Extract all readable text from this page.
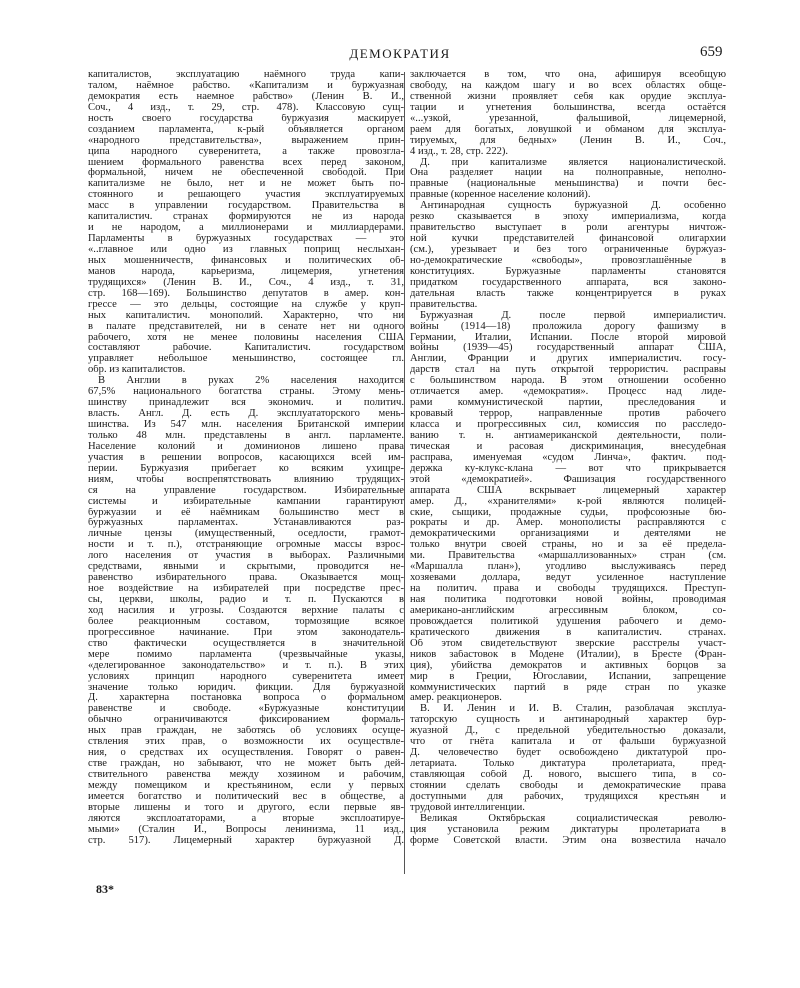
ДЕМОКРАТИЯ	659
капиталистов, эксплуатацию наёмного труда капи-
талом, наёмное рабство. «Капитализм и буржуазная
демократия есть наемное рабство» (Ленин В. И.,
Соч., 4 изд., т. 29, стр. 478). Классовую сущ-
ность своего государства буржуазия маскирует
созданием парламента, к-рый объявляется органом
«народного представительства», выражением прин-
ципа народного суверенитета, а также провозгла-
шением формального равенства всех перед законом,
формальной, ничем не обеспеченной свободой. При
капитализме не было, нет и не может быть по-
стоянного и решающего участия эксплуатируемых
масс в управлении государством. Правительства в
капиталистич. странах формируются не из народа
и не народом, а миллионерами и миллиардерами.
Парламенты в буржуазных государствах — это
«..главное или одно из главных поприщ неслыхан-
ных мошенничеств, финансовых и политических об-
манов народа, карьеризма, лицемерия, угнетения
трудящихся» (Ленин В. И., Соч., 4 изд., т. 31,
стр. 168—169). Большинство депутатов в амер. кон-
грессе — это дельцы, состоящие на службе у круп-
ных капиталистич. монополий. Характерно, что ни
в палате представителей, ни в сенате нет ни одного
рабочего, хотя не менее половины населения США
составляют рабочие. Капиталистич. государством
управляет небольшое меньшинство, состоящее гл.
обр. из капиталистов.
В Англии в руках 2% населения находится
67,5% национального богатства страны. Этому мень-
шинству принадлежит вся экономич. и политич.
власть. Англ. Д. есть Д. эксплуататорского мень-
шинства. Из 547 млн. населения Британской империи
только 48 млн. представлены в англ. парламенте.
Население колоний и доминионов лишено права
участия в решении вопросов, касающихся всей им-
перии. Буржуазия прибегает ко всяким ухищре-
ниям, чтобы воспрепятствовать влиянию трудящих-
ся на управление государством. Избирательные
системы и избирательные кампании гарантируют
буржуазии и её наёмникам большинство мест в
буржуазных парламентах. Устанавливаются раз-
личные цензы (имущественный, оседлости, грамот-
ности и т. п.), отстраняющие огромные массы взрос-
лого населения от участия в выборах. Различными
средствами, явными и скрытыми, проводится не-
равенство избирательного права. Оказывается мощ-
ное воздействие на избирателей при посредстве прес-
сы, церкви, школы, радио и т. п. Пускаются в
ход насилия и угрозы. Создаются верхние палаты с
более реакционным составом, тормозящие всякое
прогрессивное начинание. При этом законодатель-
ство фактически осуществляется в значительной
мере помимо парламента (чрезвычайные указы,
«делегированное законодательство» и т. п.). В этих
условиях принцип народного суверенитета имеет
значение только юридич. фикции. Для буржуазной
Д. характерна постановка вопроса о формальном
равенстве и свободе. «Буржуазные конституции
обычно ограничиваются фиксированием формаль-
ных прав граждан, не заботясь об условиях осуще-
ствления этих прав, о возможности их осуществле-
ния, о средствах их осуществления. Говорят о равен-
стве граждан, но забывают, что не может быть дей-
ствительного равенства между хозяином и рабочим,
между помещиком и крестьянином, если у первых
имеется богатство и политический вес в обществе, а
вторые лишены и того и другого, если первые яв-
ляются эксплоататорами, а вторые эксплоатируе-
мыми» (Сталин И., Вопросы ленинизма, 11 изд.,
стр. 517). Лицемерный характер буржуазной Д.
заключается в том, что она, афишируя всеобщую
свободу, на каждом шагу и во всех областях обще-
ственной жизни проявляет себя как орудие эксплуа-
тации и угнетения большинства, всегда остаётся
«...узкой, урезанной, фальшивой, лицемерной,
раем для богатых, ловушкой и обманом для эксплуа-
тируемых, для бедных» (Ленин В. И., Соч.,
4 изд., т. 28, стр. 222).
Д. при капитализме является националистической.
Она разделяет нации на полноправные, неполно-
правные (национальные меньшинства) и почти бес-
правные (коренное население колоний).
Антинародная сущность буржуазной Д. особенно
резко сказывается в эпоху империализма, когда
правительство выступает в роли агентуры ничтож-
ной кучки представителей финансовой олигархии
(см.), урезывает и без того ограниченные буржуаз-
но-демократические «свободы», провозглашённые в
конституциях. Буржуазные парламенты становятся
придатком государственного аппарата, вся законо-
дательная власть также концентрируется в руках
правительства.
Буржуазная Д. после первой империалистич.
войны (1914—18) проложила дорогу фашизму в
Германии, Италии, Испании. После второй мировой
войны (1939—45) государственный аппарат США,
Англии, Франции и других империалистич. госу-
дарств стал на путь открытой террористич. расправы
с большинством народа. В этом отношении особенно
отличается амер. «демократия». Процесс над лиде-
рами коммунистической партии, преследования и
кровавый террор, направленные против рабочего
класса и прогрессивных сил, комиссия по расследо-
ванию т. н. антиамериканской деятельности, поли-
тическая и расовая дискриминация, внесудебная
расправа, именуемая «судом Линча», фактич. под-
держка ку-клукс-клана — вот что прикрывается
этой «демократией». Фашизация государственного
аппарата США вскрывает лицемерный характер
амер. Д., «хранителями» к-рой являются полицей-
ские, сыщики, продажные судьи, профсоюзные бю-
рократы и др. Амер. монополисты расправляются с
демократическими организациями и деятелями не
только внутри своей страны, но и за её предела-
ми. Правительства «маршаллизованных» стран (см.
«Маршалла план»), угодливо выслуживаясь перед
хозяевами доллара, ведут усиленное наступление
на политич. права и свободы трудящихся. Преступ-
ная политика подготовки новой войны, проводимая
американо-английским агрессивным блоком, со-
провождается политикой удушения рабочего и демо-
кратического движения в капиталистич. странах.
Об этом свидетельствуют зверские расстрелы участ-
ников забастовок в Модене (Италии), в Бресте (Фран-
ция), убийства демократов и активных борцов за
мир в Греции, Югославии, Испании, запрещение
коммунистических партий в ряде стран по указке
амер. реакционеров.
В. И. Ленин и И. В. Сталин, разоблачая эксплуа-
таторскую сущность и антинародный характер бур-
жуазной Д., с предельной убедительностью доказали,
что от гнёта капитала и от фальши буржуазной
Д. человечество будет освобождено диктатурой про-
летариата. Только диктатура пролетариата, пред-
ставляющая собой Д. нового, высшего типа, в со-
стоянии сделать свободы и демократические права
доступными для рабочих, трудящихся крестьян и
трудовой интеллигенции.
Великая Октябрьская социалистическая револю-
ция установила режим диктатуры пролетариата в
форме Советской власти. Этим она возвестила начало
83*
